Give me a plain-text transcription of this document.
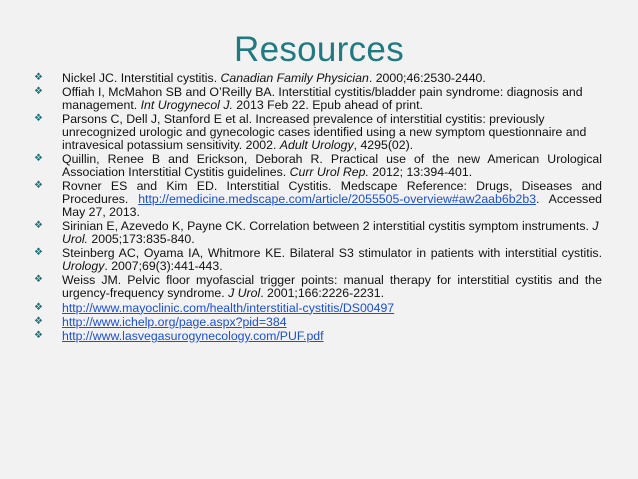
Resources
❖ Nickel JC. Interstitial cystitis. Canadian Family Physician. 2000;46:2530-2440.
❖ Offiah I, McMahon SB and O’Reilly BA. Interstitial cystitis/bladder pain syndrome: diagnosis and management. Int Urogynecol J. 2013 Feb 22. Epub ahead of print.
❖ Parsons C, Dell J, Stanford E et al. Increased prevalence of interstitial cystitis: previously unrecognized urologic and gynecologic cases identified using a new symptom questionnaire and intravesical potassium sensitivity. 2002. Adult Urology, 4295(02).
❖ Quillin, Renee B and Erickson, Deborah R. Practical use of the new American Urological Association Interstitial Cystitis guidelines. Curr Urol Rep. 2012; 13:394-401.
❖ Rovner ES and Kim ED. Interstitial Cystitis. Medscape Reference: Drugs, Diseases and Procedures. http://emedicine.medscape.com/article/2055505-overview#aw2aab6b2b3. Accessed May 27, 2013.
❖ Sirinian E, Azevedo K, Payne CK. Correlation between 2 interstitial cystitis symptom instruments. J Urol. 2005;173:835-840.
❖ Steinberg AC, Oyama IA, Whitmore KE. Bilateral S3 stimulator in patients with interstitial cystitis. Urology. 2007;69(3):441-443.
❖ Weiss JM. Pelvic floor myofascial trigger points: manual therapy for interstitial cystitis and the urgency-frequency syndrome. J Urol. 2001;166:2226-2231.
❖ http://www.mayoclinic.com/health/interstitial-cystitis/DS00497
❖ http://www.ichelp.org/page.aspx?pid=384
❖ http://www.lasvegasurogynecology.com/PUF.pdf
